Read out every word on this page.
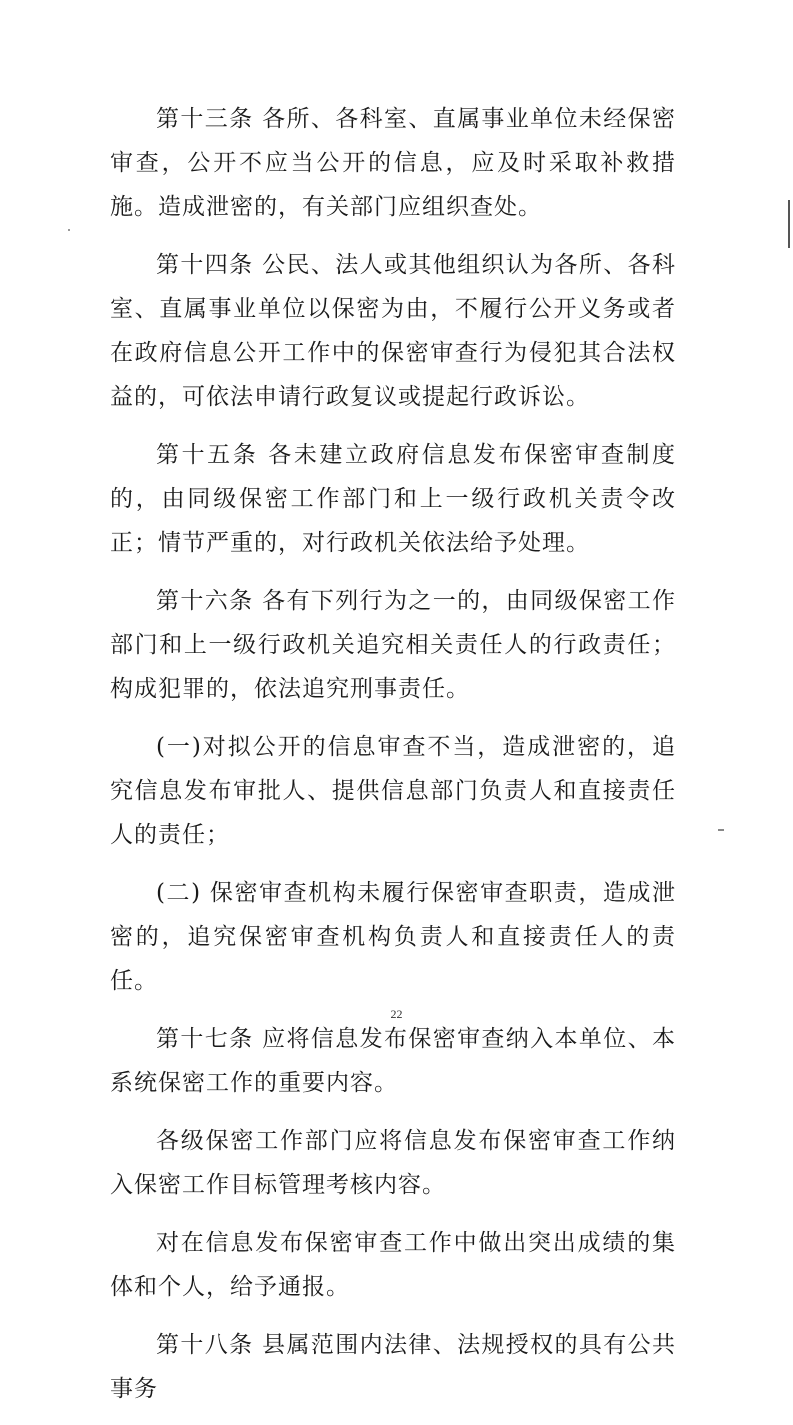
第十三条 各所、各科室、直属事业单位未经保密审查，公开不应当公开的信息，应及时采取补救措施。造成泄密的，有关部门应组织查处。

第十四条 公民、法人或其他组织认为各所、各科室、直属事业单位以保密为由，不履行公开义务或者在政府信息公开工作中的保密审查行为侵犯其合法权益的，可依法申请行政复议或提起行政诉讼。

第十五条 各未建立政府信息发布保密审查制度的，由同级保密工作部门和上一级行政机关责令改正；情节严重的，对行政机关依法给予处理。

第十六条 各有下列行为之一的，由同级保密工作部门和上一级行政机关追究相关责任人的行政责任；构成犯罪的，依法追究刑事责任。

(一)对拟公开的信息审查不当，造成泄密的，追究信息发布审批人、提供信息部门负责人和直接责任人的责任；

(二) 保密审查机构未履行保密审查职责，造成泄密的，追究保密审查机构负责人和直接责任人的责任。

第十七条 应将信息发布保密审查纳入本单位、本系统保密工作的重要内容。

各级保密工作部门应将信息发布保密审查工作纳入保密工作目标管理考核内容。

对在信息发布保密审查工作中做出突出成绩的集体和个人，给予通报。

第十八条 县属范围内法律、法规授权的具有公共事务

22
